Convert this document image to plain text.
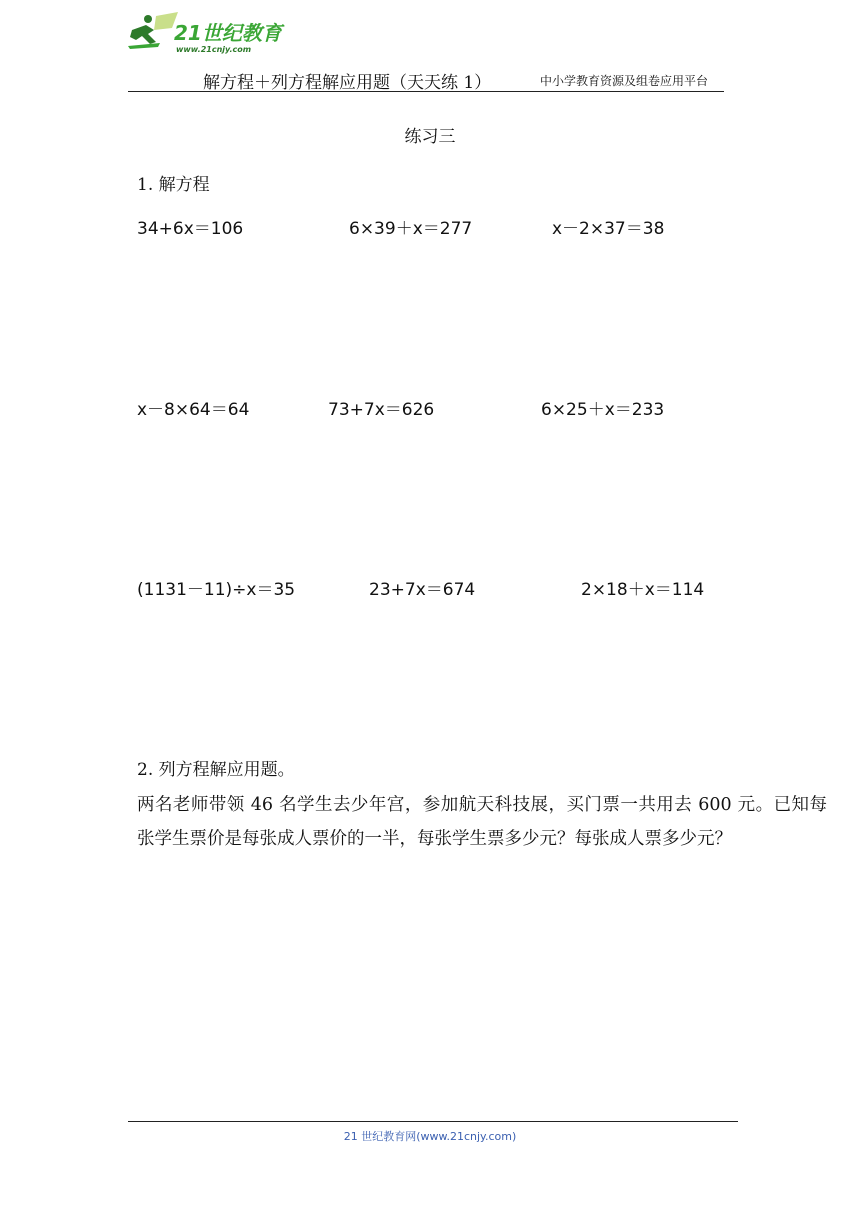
21世纪教育
www.21cnjy.com
解方程＋列方程解应用题（天天练 1）	中小学教育资源及组卷应用平台
练习三
1. 解方程
34+6x＝106	6×39＋x＝277	x－2×37＝38
x－8×64＝64	73+7x＝626	6×25＋x＝233
(1131－11)÷x＝35	23+7x＝674	2×18＋x＝114
2. 列方程解应用题。
两名老师带领 46 名学生去少年宫，参加航天科技展，买门票一共用去 600 元。已知每张学生票价是每张成人票价的一半，每张学生票多少元？每张成人票多少元？
21 世纪教育网(www.21cnjy.com)
